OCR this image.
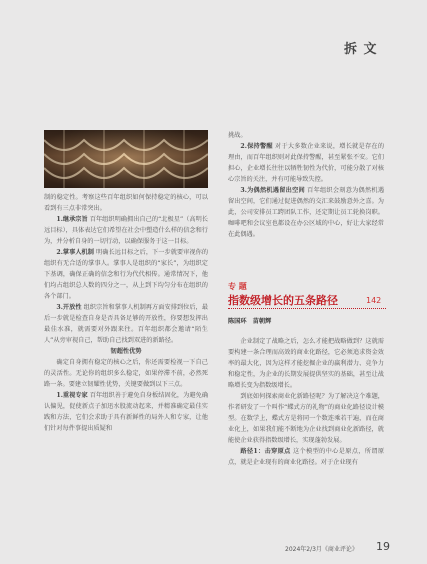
拆 文

制的稳定性。考察这些百年组织如何保持稳定的核心，可以看到有三点非常突出。

1.继承宗旨 百年组织明确拥出自己的“北极星”（高明长远目标），具体表达它们希望在社会中塑造什么样的信念和行为，并分析自身的一切行动，以确保服务于这一目标。

2.掌事人机制 明确长远目标之后，下一步就要审视你的组织有无合适的掌事人。掌事人是组织的“家长”，为组织定下基调，确保正确的信念和行为代代相传。通常情况下，他们均占组织总人数的四分之一，从上到下均匀分布在组织的各个部门。

3.开放性 组织宗旨和掌事人机制再方面安排到位后，最后一步就是检查自身是否具备足够的开放性，你要想发挥出最佳水准，就需要对外跟来往。百年组织都会邀请“陌生人”从旁审视自己，帮助自己找到双进的新路径。

韧超性优势

确定自身拥有稳定的核心之后，你还需要检视一下自己的灵活性。无论你的组织多么稳定，如果停滞不前，必然死路一条。要建立韧耀性优势，关键要做到以下三点。

1.重视专家 百年组织善于避免自身板结固化，为避免确认偏见，促使新点子加迅水股流动起来，并精准确定最佳实践和方法，它们会求助于具有新鲜性的局外人和专家，让他们针对每件事提出质疑和

挑战。

2.保持警醒 对于大多数企业来说，增长就是存在的理由，而百年组织则对此保持警醒，甚至紧张不安。它们担心，企业增长往往以牺牲韧性为代价，可能分散了对核心宗旨的关注，并有可能导致失控。

3.为偶然机遇留出空间 百年组织会刻意为偶然机遇留出空间，它们通过促进偶然的交汇来鼓励意外之喜。为此，公司安排员工跨团队工作，还定期让员工轮换岗职。咖啡吧和会议室也都设在办公区域的中心，好让大家经常在此偶遇。

专 题
指数级增长的五条路径	142
陈国环　苗朝辉

企业制定了战略之后，怎么才能把战略做到？这就需要构建一条合理而高效的商业化路径，它必须追求资金效率的最大化，因为这样才能挖掘企业的赢利潜力、竞争力和稳定性，为企业的长期发展提供坚实的基础，甚至让战略增长变为指数级增长。

到底如何探索商业化新路径呢？为了解决这个难题，作者研发了一个叫作“蝶式方的礼物”的商业化路径设计模型。在数学上，蝶式方是将同一个数连乘若干遍，而在商业化上，如果我们能不断地为企业找到商业化新路径，就能使企业获得指数级增长，实现蓬勃发展。

路径1：击穿原点 这个模型的中心是原点，所谓原点，就是企业现有的商业化路径。对于企业现有

2024年2/3月《商业评论》 19
